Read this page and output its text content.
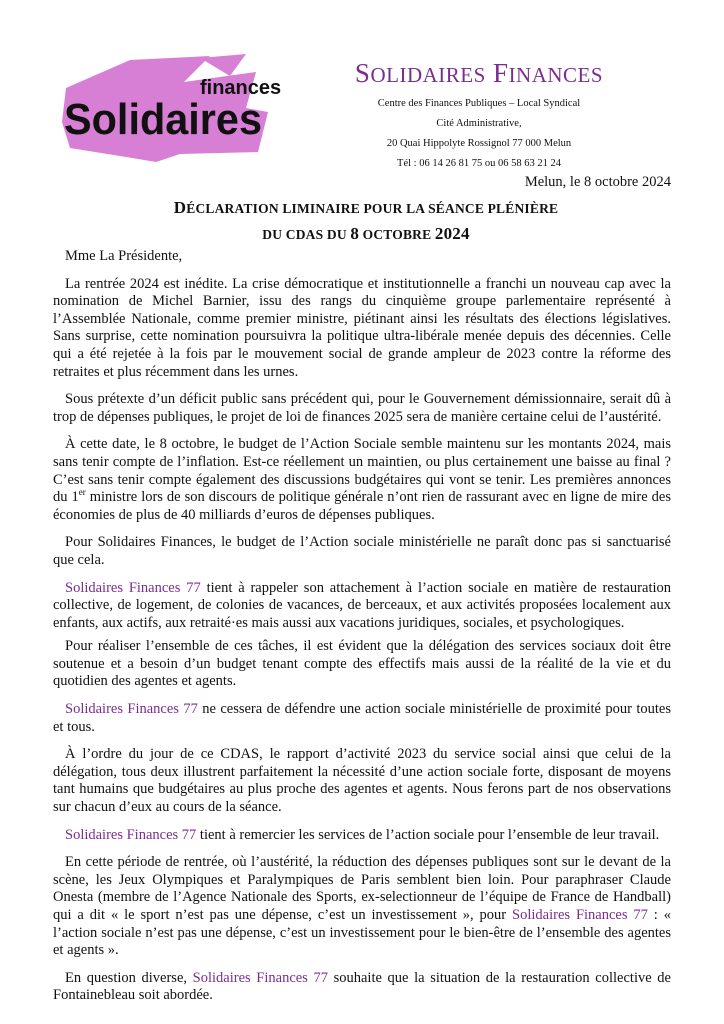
finances
Solidaires
SOLIDAIRES FINANCES
Centre des Finances Publiques – Local Syndical
Cité Administrative,
20 Quai Hippolyte Rossignol 77 000 Melun
Tél : 06 14 26 81 75 ou 06 58 63 21 24
Melun, le 8 octobre 2024
DÉCLARATION LIMINAIRE POUR LA SÉANCE PLÉNIÈRE
DU CDAS DU 8 OCTOBRE 2024

Mme La Présidente,

La rentrée 2024 est inédite. La crise démocratique et institutionnelle a franchi un nouveau cap avec la nomination de Michel Barnier, issu des rangs du cinquième groupe parlementaire représenté à l’Assemblée Nationale, comme premier ministre, piétinant ainsi les résultats des élections législatives. Sans surprise, cette nomination poursuivra la politique ultra-libérale menée depuis des décennies. Celle qui a été rejetée à la fois par le mouvement social de grande ampleur de 2023 contre la réforme des retraites et plus récemment dans les urnes.

Sous prétexte d’un déficit public sans précédent qui, pour le Gouvernement démissionnaire, serait dû à trop de dépenses publiques, le projet de loi de finances 2025 sera de manière certaine celui de l’austérité.

À cette date, le 8 octobre, le budget de l’Action Sociale semble maintenu sur les montants 2024, mais sans tenir compte de l’inflation. Est-ce réellement un maintien, ou plus certainement une baisse au final ? C’est sans tenir compte également des discussions budgétaires qui vont se tenir. Les premières annonces du 1er ministre lors de son discours de politique générale n’ont rien de rassurant avec en ligne de mire des économies de plus de 40 milliards d’euros de dépenses publiques.

Pour Solidaires Finances, le budget de l’Action sociale ministérielle ne paraît donc pas si sanctuarisé que cela.

Solidaires Finances 77 tient à rappeler son attachement à l’action sociale en matière de restauration collective, de logement, de colonies de vacances, de berceaux, et aux activités proposées localement aux enfants, aux actifs, aux retraité·es mais aussi aux vacations juridiques, sociales, et psychologiques.

Pour réaliser l’ensemble de ces tâches, il est évident que la délégation des services sociaux doit être soutenue et a besoin d’un budget tenant compte des effectifs mais aussi de la réalité de la vie et du quotidien des agentes et agents.

Solidaires Finances 77 ne cessera de défendre une action sociale ministérielle de proximité pour toutes et tous.

À l’ordre du jour de ce CDAS, le rapport d’activité 2023 du service social ainsi que celui de la délégation, tous deux illustrent parfaitement la nécessité d’une action sociale forte, disposant de moyens tant humains que budgétaires au plus proche des agentes et agents. Nous ferons part de nos observations sur chacun d’eux au cours de la séance.

Solidaires Finances 77 tient à remercier les services de l’action sociale pour l’ensemble de leur travail.

En cette période de rentrée, où l’austérité, la réduction des dépenses publiques sont sur le devant de la scène, les Jeux Olympiques et Paralympiques de Paris semblent bien loin. Pour paraphraser Claude Onesta (membre de l’Agence Nationale des Sports, ex-selectionneur de l’équipe de France de Handball) qui a dit « le sport n’est pas une dépense, c’est un investissement », pour Solidaires Finances 77 : « l’action sociale n’est pas une dépense, c’est un investissement pour le bien-être de l’ensemble des agentes et agents ».

En question diverse, Solidaires Finances 77 souhaite que la situation de la restauration collective de Fontainebleau soit abordée.
